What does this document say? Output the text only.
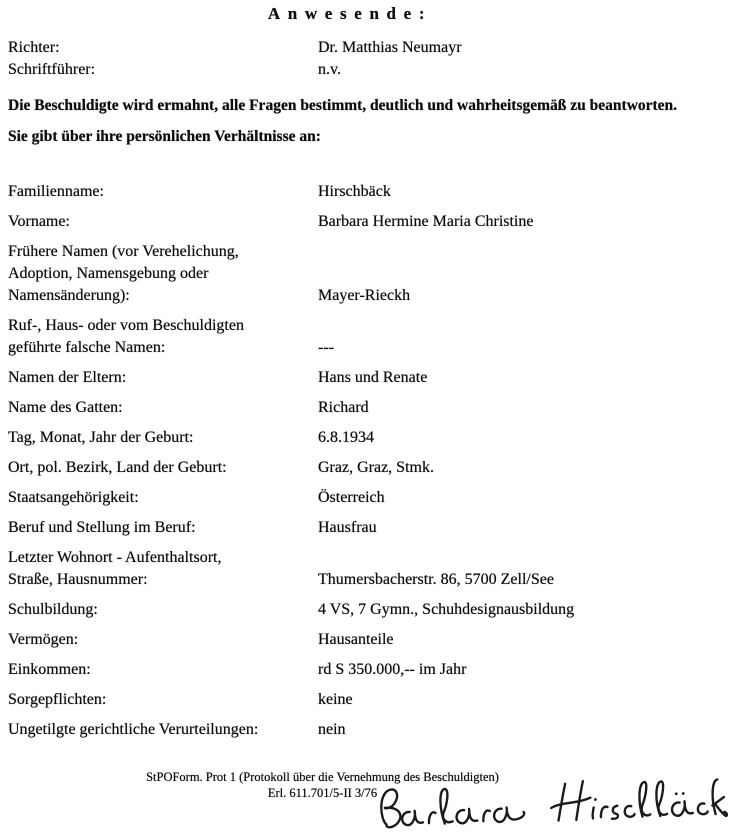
Anwesende:
Richter:	Dr. Matthias Neumayr
Schriftführer:	n.v.
Die Beschuldigte wird ermahnt, alle Fragen bestimmt, deutlich und wahrheitsgemäß zu beantworten.
Sie gibt über ihre persönlichen Verhältnisse an:
Familienname:	Hirschbäck
Vorname:	Barbara Hermine Maria Christine
Frühere Namen (vor Verehelichung,
Adoption, Namensgebung oder
Namensänderung):	Mayer-Rieckh
Ruf-, Haus- oder vom Beschuldigten
geführte falsche Namen:	---
Namen der Eltern:	Hans und Renate
Name des Gatten:	Richard
Tag, Monat, Jahr der Geburt:	6.8.1934
Ort, pol. Bezirk, Land der Geburt:	Graz, Graz, Stmk.
Staatsangehörigkeit:	Österreich
Beruf und Stellung im Beruf:	Hausfrau
Letzter Wohnort - Aufenthaltsort,
Straße, Hausnummer:	Thumersbacherstr. 86, 5700 Zell/See
Schulbildung:	4 VS, 7 Gymn., Schuhdesignausbildung
Vermögen:	Hausanteile
Einkommen:	rd S 350.000,-- im Jahr
Sorgepflichten:	keine
Ungetilgte gerichtliche Verurteilungen:	nein
StPOForm. Prot 1 (Protokoll über die Vernehmung des Beschuldigten)
Erl. 611.701/5-II 3/76
